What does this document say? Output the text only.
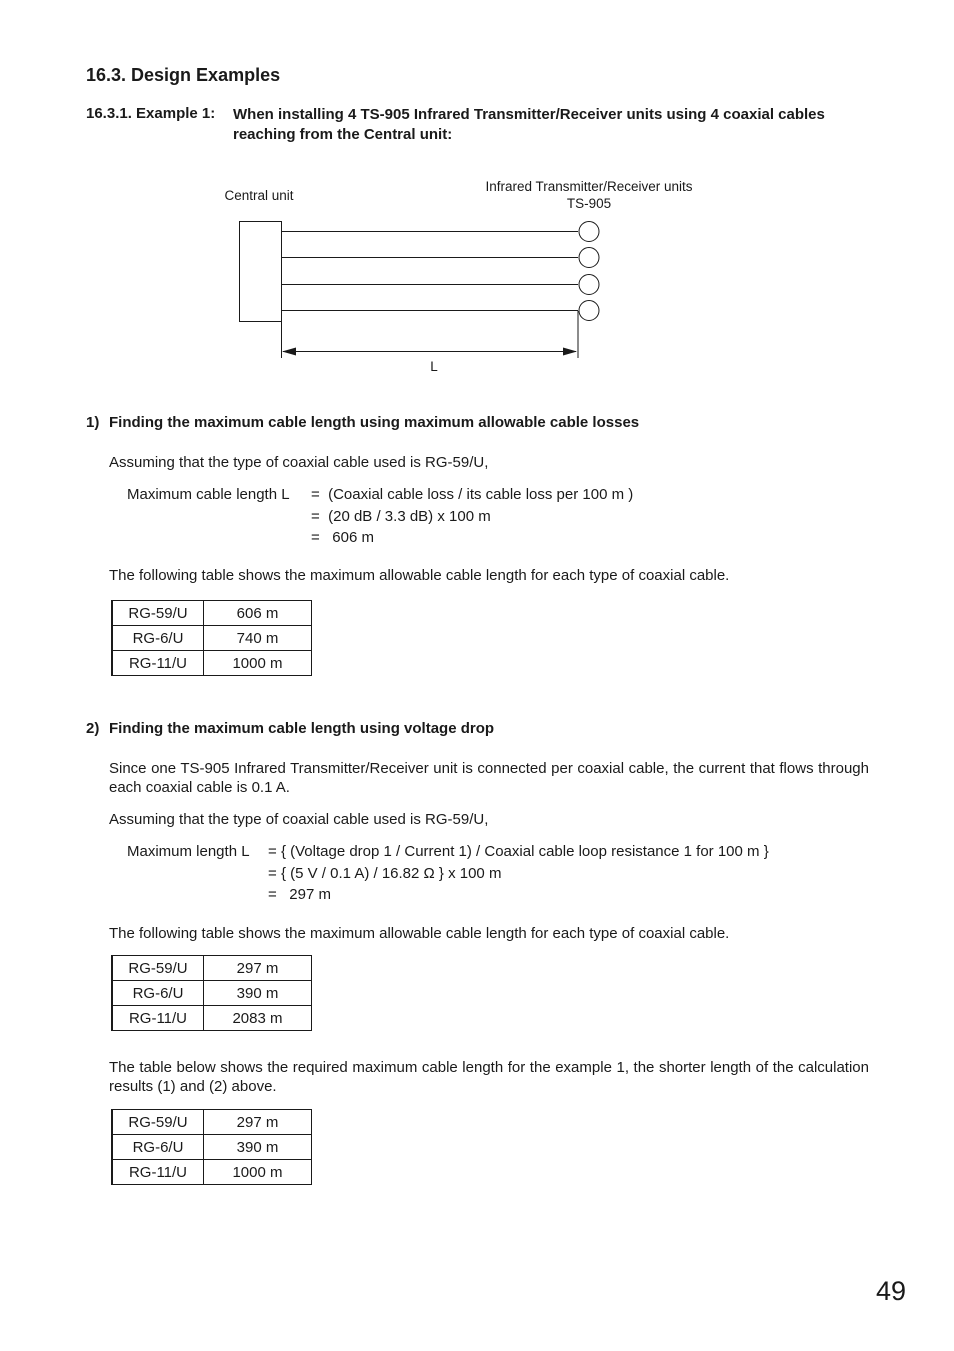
16.3. Design Examples
16.3.1. Example 1: When installing 4 TS-905 Infrared Transmitter/Receiver units using 4 coaxial cables reaching from the Central unit:
Central unit
Infrared Transmitter/Receiver units
TS-905
L
1) Finding the maximum cable length using maximum allowable cable losses
Assuming that the type of coaxial cable used is RG-59/U,
Maximum cable length L = (Coaxial cable loss / its cable loss per 100 m )
= (20 dB / 3.3 dB) x 100 m
=   606 m
The following table shows the maximum allowable cable length for each type of coaxial cable.
RG-59/U	606 m
RG-6/U	740 m
RG-11/U	1000 m
2) Finding the maximum cable length using voltage drop
Since one TS-905 Infrared Transmitter/Receiver unit is connected per coaxial cable, the current that flows through each coaxial cable is 0.1 A.
Assuming that the type of coaxial cable used is RG-59/U,
Maximum length L = { (Voltage drop 1 / Current 1) / Coaxial cable loop resistance 1 for 100 m }
= { (5 V / 0.1 A) / 16.82 Ω } x 100 m
=   297 m
The following table shows the maximum allowable cable length for each type of coaxial cable.
RG-59/U	297 m
RG-6/U	390 m
RG-11/U	2083 m
The table below shows the required maximum cable length for the example 1, the shorter length of the calculation results (1) and (2) above.
RG-59/U	297 m
RG-6/U	390 m
RG-11/U	1000 m
49
